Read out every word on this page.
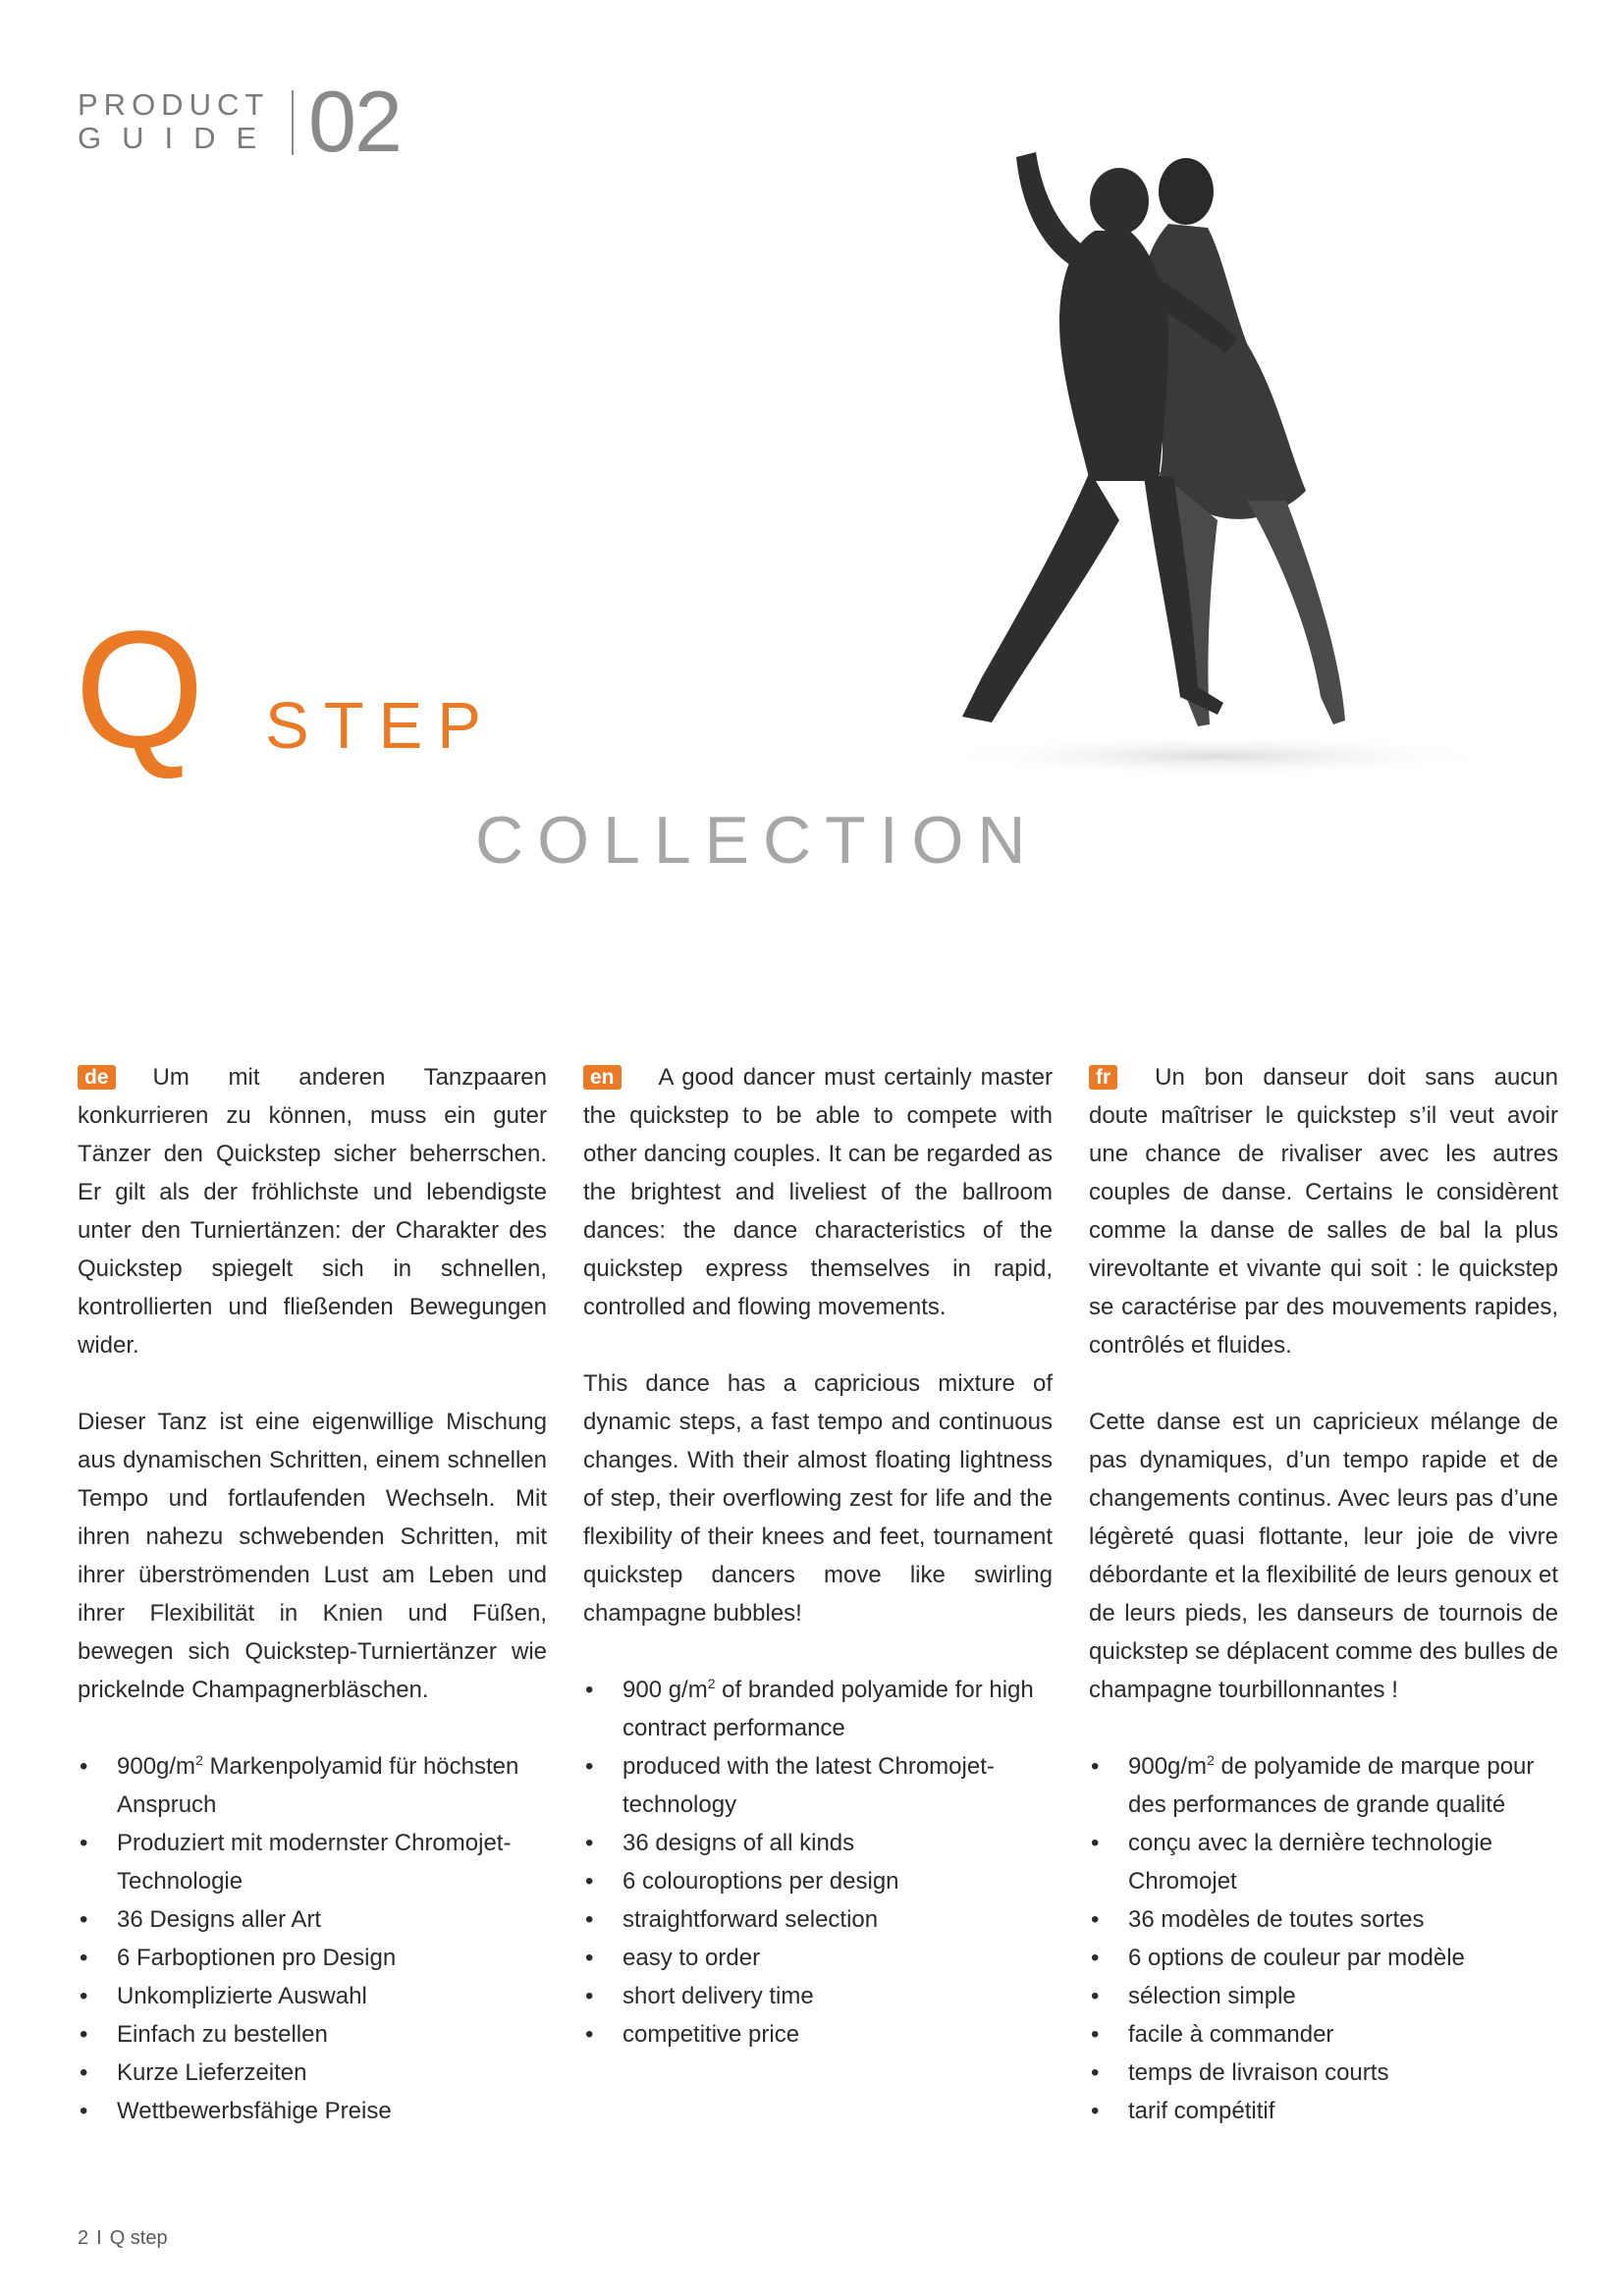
PRODUCT
GUIDE 02
Q STEP
COLLECTION

de Um mit anderen Tanzpaaren konkurrieren zu können, muss ein guter Tänzer den Quickstep sicher beherrschen. Er gilt als der fröhlichste und lebendigste unter den Turniertänzen: der Charakter des Quickstep spiegelt sich in schnellen, kontrollierten und fließenden Bewegungen wider.

Dieser Tanz ist eine eigenwillige Mischung aus dynamischen Schritten, einem schnellen Tempo und fortlaufenden Wechseln. Mit ihren nahezu schwebenden Schritten, mit ihrer überströmenden Lust am Leben und ihrer Flexibilität in Knien und Füßen, bewegen sich Quickstep-Turniertänzer wie prickelnde Champagnerbläschen.

• $900g/m^2$ Markenpolyamid für höchsten Anspruch
• Produziert mit modernster Chromojet-Technologie
• 36 Designs aller Art
• 6 Farboptionen pro Design
• Unkomplizierte Auswahl
• Einfach zu bestellen
• Kurze Lieferzeiten
• Wettbewerbsfähige Preise

en A good dancer must certainly master the quickstep to be able to compete with other dancing couples. It can be regarded as the brightest and liveliest of the ballroom dances: the dance characteristics of the quickstep express themselves in rapid, controlled and flowing movements.

This dance has a capricious mixture of dynamic steps, a fast tempo and continuous changes. With their almost floating lightness of step, their overflowing zest for life and the flexibility of their knees and feet, tournament quickstep dancers move like swirling champagne bubbles!

• 900 $g/m^2$ of branded polyamide for high contract performance
• produced with the latest Chromojet-technology
• 36 designs of all kinds
• 6 colouroptions per design
• straightforward selection
• easy to order
• short delivery time
• competitive price

fr Un bon danseur doit sans aucun doute maîtriser le quickstep s’il veut avoir une chance de rivaliser avec les autres couples de danse. Certains le considèrent comme la danse de salles de bal la plus virevoltante et vivante qui soit : le quickstep se caractérise par des mouvements rapides, contrôlés et fluides.

Cette danse est un capricieux mélange de pas dynamiques, d’un tempo rapide et de changements continus. Avec leurs pas d’une légèreté quasi flottante, leur joie de vivre débordante et la flexibilité de leurs genoux et de leurs pieds, les danseurs de tournois de quickstep se déplacent comme des bulles de champagne tourbillonnantes !

• $900g/m^2$ de polyamide de marque pour des performances de grande qualité
• conçu avec la dernière technologie Chromojet
• 36 modèles de toutes sortes
• 6 options de couleur par modèle
• sélection simple
• facile à commander
• temps de livraison courts
• tarif compétitif
2 I Q step
